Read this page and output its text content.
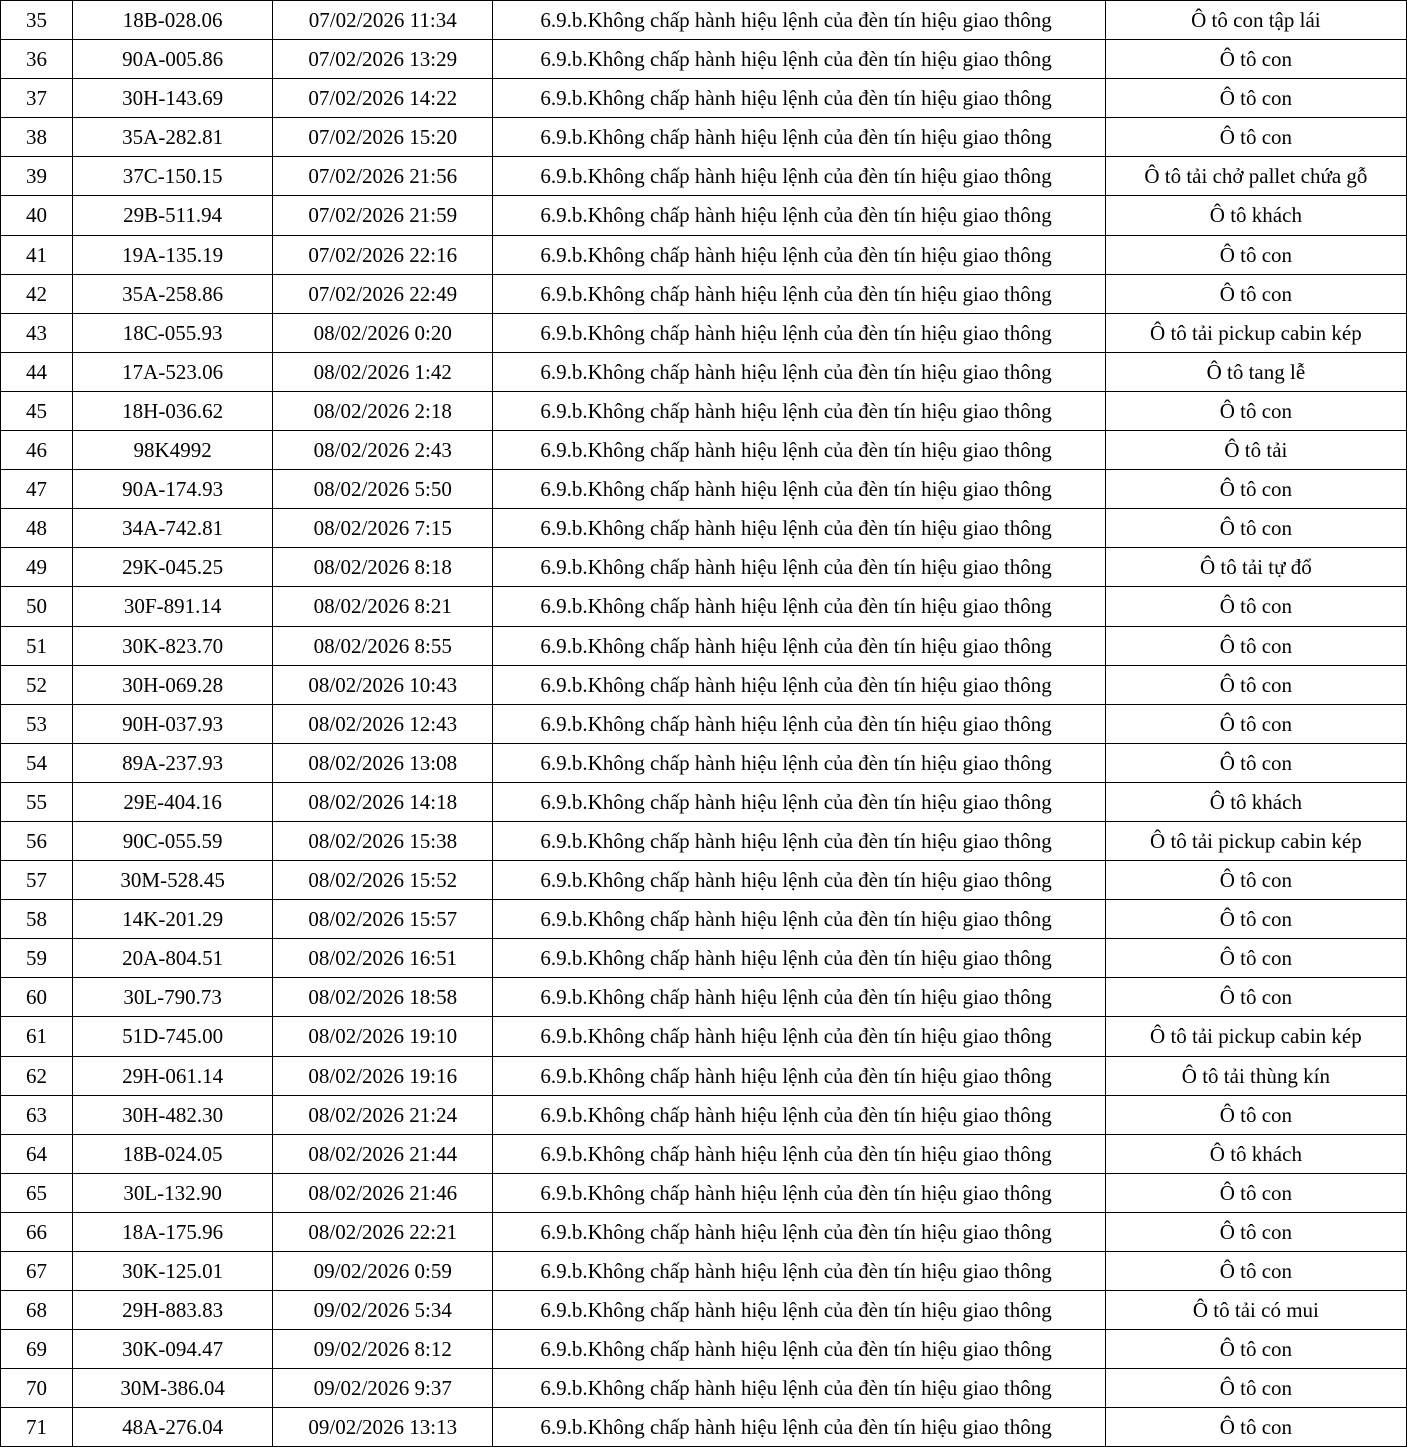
35	18B-028.06	07/02/2026 11:34	6.9.b.Không chấp hành hiệu lệnh của đèn tín hiệu giao thông	Ô tô con tập lái
36	90A-005.86	07/02/2026 13:29	6.9.b.Không chấp hành hiệu lệnh của đèn tín hiệu giao thông	Ô tô con
37	30H-143.69	07/02/2026 14:22	6.9.b.Không chấp hành hiệu lệnh của đèn tín hiệu giao thông	Ô tô con
38	35A-282.81	07/02/2026 15:20	6.9.b.Không chấp hành hiệu lệnh của đèn tín hiệu giao thông	Ô tô con
39	37C-150.15	07/02/2026 21:56	6.9.b.Không chấp hành hiệu lệnh của đèn tín hiệu giao thông	Ô tô tải chở pallet chứa gỗ
40	29B-511.94	07/02/2026 21:59	6.9.b.Không chấp hành hiệu lệnh của đèn tín hiệu giao thông	Ô tô khách
41	19A-135.19	07/02/2026 22:16	6.9.b.Không chấp hành hiệu lệnh của đèn tín hiệu giao thông	Ô tô con
42	35A-258.86	07/02/2026 22:49	6.9.b.Không chấp hành hiệu lệnh của đèn tín hiệu giao thông	Ô tô con
43	18C-055.93	08/02/2026 0:20	6.9.b.Không chấp hành hiệu lệnh của đèn tín hiệu giao thông	Ô tô tải pickup cabin kép
44	17A-523.06	08/02/2026 1:42	6.9.b.Không chấp hành hiệu lệnh của đèn tín hiệu giao thông	Ô tô tang lễ
45	18H-036.62	08/02/2026 2:18	6.9.b.Không chấp hành hiệu lệnh của đèn tín hiệu giao thông	Ô tô con
46	98K4992	08/02/2026 2:43	6.9.b.Không chấp hành hiệu lệnh của đèn tín hiệu giao thông	Ô tô tải
47	90A-174.93	08/02/2026 5:50	6.9.b.Không chấp hành hiệu lệnh của đèn tín hiệu giao thông	Ô tô con
48	34A-742.81	08/02/2026 7:15	6.9.b.Không chấp hành hiệu lệnh của đèn tín hiệu giao thông	Ô tô con
49	29K-045.25	08/02/2026 8:18	6.9.b.Không chấp hành hiệu lệnh của đèn tín hiệu giao thông	Ô tô tải tự đổ
50	30F-891.14	08/02/2026 8:21	6.9.b.Không chấp hành hiệu lệnh của đèn tín hiệu giao thông	Ô tô con
51	30K-823.70	08/02/2026 8:55	6.9.b.Không chấp hành hiệu lệnh của đèn tín hiệu giao thông	Ô tô con
52	30H-069.28	08/02/2026 10:43	6.9.b.Không chấp hành hiệu lệnh của đèn tín hiệu giao thông	Ô tô con
53	90H-037.93	08/02/2026 12:43	6.9.b.Không chấp hành hiệu lệnh của đèn tín hiệu giao thông	Ô tô con
54	89A-237.93	08/02/2026 13:08	6.9.b.Không chấp hành hiệu lệnh của đèn tín hiệu giao thông	Ô tô con
55	29E-404.16	08/02/2026 14:18	6.9.b.Không chấp hành hiệu lệnh của đèn tín hiệu giao thông	Ô tô khách
56	90C-055.59	08/02/2026 15:38	6.9.b.Không chấp hành hiệu lệnh của đèn tín hiệu giao thông	Ô tô tải pickup cabin kép
57	30M-528.45	08/02/2026 15:52	6.9.b.Không chấp hành hiệu lệnh của đèn tín hiệu giao thông	Ô tô con
58	14K-201.29	08/02/2026 15:57	6.9.b.Không chấp hành hiệu lệnh của đèn tín hiệu giao thông	Ô tô con
59	20A-804.51	08/02/2026 16:51	6.9.b.Không chấp hành hiệu lệnh của đèn tín hiệu giao thông	Ô tô con
60	30L-790.73	08/02/2026 18:58	6.9.b.Không chấp hành hiệu lệnh của đèn tín hiệu giao thông	Ô tô con
61	51D-745.00	08/02/2026 19:10	6.9.b.Không chấp hành hiệu lệnh của đèn tín hiệu giao thông	Ô tô tải pickup cabin kép
62	29H-061.14	08/02/2026 19:16	6.9.b.Không chấp hành hiệu lệnh của đèn tín hiệu giao thông	Ô tô tải thùng kín
63	30H-482.30	08/02/2026 21:24	6.9.b.Không chấp hành hiệu lệnh của đèn tín hiệu giao thông	Ô tô con
64	18B-024.05	08/02/2026 21:44	6.9.b.Không chấp hành hiệu lệnh của đèn tín hiệu giao thông	Ô tô khách
65	30L-132.90	08/02/2026 21:46	6.9.b.Không chấp hành hiệu lệnh của đèn tín hiệu giao thông	Ô tô con
66	18A-175.96	08/02/2026 22:21	6.9.b.Không chấp hành hiệu lệnh của đèn tín hiệu giao thông	Ô tô con
67	30K-125.01	09/02/2026 0:59	6.9.b.Không chấp hành hiệu lệnh của đèn tín hiệu giao thông	Ô tô con
68	29H-883.83	09/02/2026 5:34	6.9.b.Không chấp hành hiệu lệnh của đèn tín hiệu giao thông	Ô tô tải có mui
69	30K-094.47	09/02/2026 8:12	6.9.b.Không chấp hành hiệu lệnh của đèn tín hiệu giao thông	Ô tô con
70	30M-386.04	09/02/2026 9:37	6.9.b.Không chấp hành hiệu lệnh của đèn tín hiệu giao thông	Ô tô con
71	48A-276.04	09/02/2026 13:13	6.9.b.Không chấp hành hiệu lệnh của đèn tín hiệu giao thông	Ô tô con
